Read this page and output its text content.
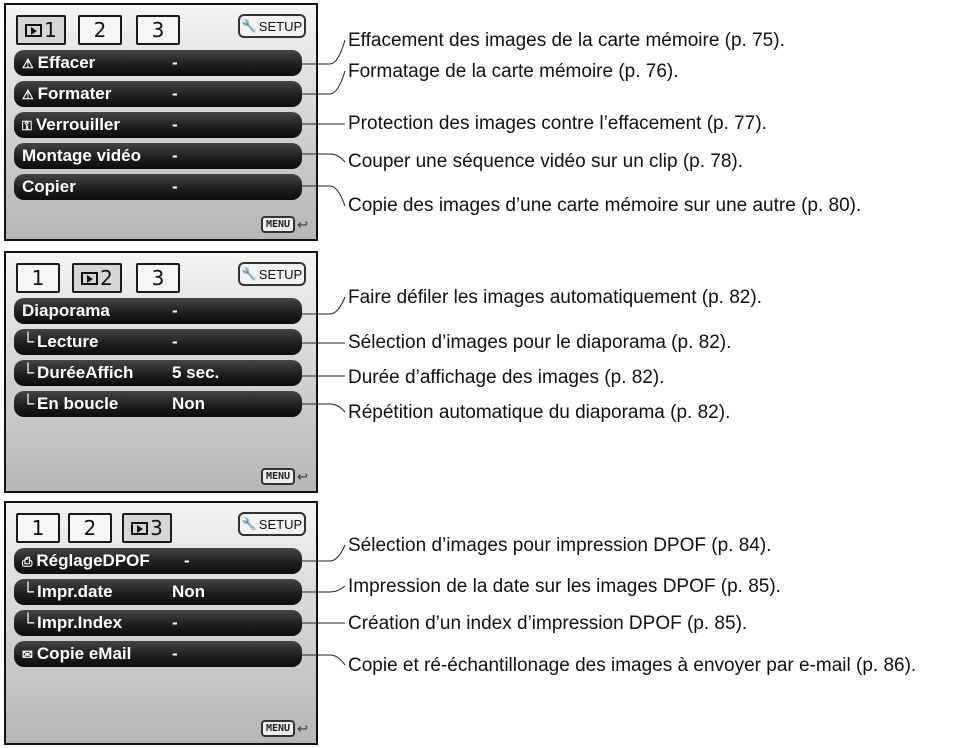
1 2 3	🔧 SETUP
⚠ Effacer	-
⚠ Formater	-
⚿ Verrouiller	-
Montage vidéo -
Copier	-
MENU ↩
1	2 3	🔧 SETUP
Diaporama	-
└ Lecture	-
└ DuréeAffich 5 sec.
└ En boucle	Non
MENU ↩
1 2	3	🔧 SETUP
⎙ RéglageDPOF -
└ Impr.date	Non
└ Impr.Index	-
✉ Copie eMail -
MENU ↩
Effacement des images de la carte mémoire (p. 75).
Formatage de la carte mémoire (p. 76).
Protection des images contre l’effacement (p. 77).
Couper une séquence vidéo sur un clip (p. 78).
Copie des images d’une carte mémoire sur une autre (p. 80).
Faire défiler les images automatiquement (p. 82).
Sélection d’images pour le diaporama (p. 82).
Durée d’affichage des images (p. 82).
Répétition automatique du diaporama (p. 82).
Sélection d’images pour impression DPOF (p. 84).
Impression de la date sur les images DPOF (p. 85).
Création d’un index d’impression DPOF (p. 85).
Copie et ré-échantillonage des images à envoyer par e-mail (p. 86).
